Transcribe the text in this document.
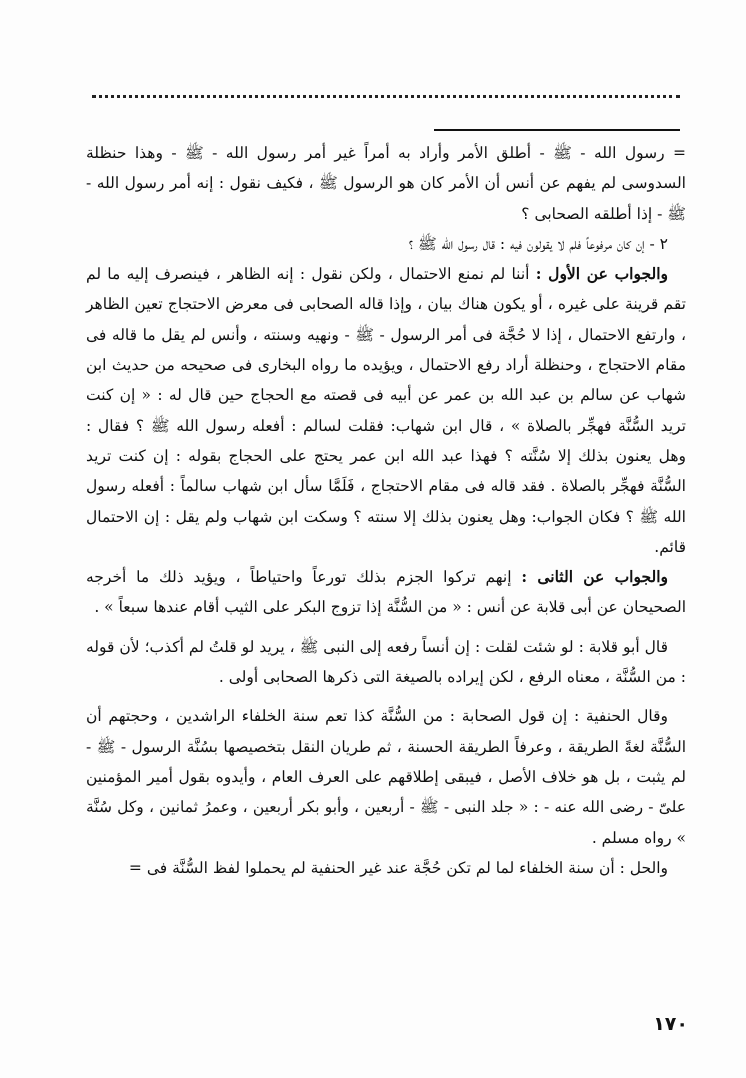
= رسول الله - ﷺ - أطلق الأمر وأراد به أمراً غير أمر رسول الله - ﷺ - وهذا حنظلة السدوسى لم يفهم عن أنس أن الأمر كان هو الرسول ﷺ ، فكيف نقول : إنه أمر رسول الله - ﷺ - إذا أطلقه الصحابى ؟

٢ - إن كان مرفوعاً فلم لا يقولون فيه : قال رسول الله ﷺ ؟

والجواب عن الأول : أننا لم نمنع الاحتمال ، ولكن نقول : إنه الظاهر ، فينصرف إليه ما لم تقم قرينة على غيره ، أو يكون هناك بيان ، وإذا قاله الصحابى فى معرض الاحتجاج تعين الظاهر ، وارتفع الاحتمال ، إذا لا حُجَّة فى أمر الرسول - ﷺ - ونهيه وسنته ، وأنس لم يقل ما قاله فى مقام الاحتجاج ، وحنظلة أراد رفع الاحتمال ، ويؤيده ما رواه البخارى فى صحيحه من حديث ابن شهاب عن سالم بن عبد الله بن عمر عن أبيه فى قصته مع الحجاج حين قال له : « إن كنت تريد السُّنَّة فهجِّر بالصلاة » ، قال ابن شهاب: فقلت لسالم : أفعله رسول الله ﷺ ؟ فقال : وهل يعنون بذلك إلا سُنَّته ؟ فهذا عبد الله ابن عمر يحتج على الحجاج بقوله : إن كنت تريد السُّنَّة فهجِّر بالصلاة . فقد قاله فى مقام الاحتجاج ، فَلَمَّا سأل ابن شهاب سالماً : أفعله رسول الله ﷺ ؟ فكان الجواب: وهل يعنون بذلك إلا سنته ؟ وسكت ابن شهاب ولم يقل : إن الاحتمال قائم.

والجواب عن الثانى : إنهم تركوا الجزم بذلك تورعاً واحتياطاً ، ويؤيد ذلك ما أخرجه الصحيحان عن أبى قلابة عن أنس : « من السُّنَّة إذا تزوج البكر على الثيب أقام عندها سبعاً » .

قال أبو قلابة : لو شئت لقلت : إن أنساً رفعه إلى النبى ﷺ ، يريد لو قلتُ لم أكذب؛ لأن قوله : من السُّنَّة ، معناه الرفع ، لكن إيراده بالصيغة التى ذكرها الصحابى أولى .

وقال الحنفية : إن قول الصحابة : من السُّنَّة كذا تعم سنة الخلفاء الراشدين ، وحجتهم أن السُّنَّة لغةً الطريقة ، وعرفاً الطريقة الحسنة ، ثم طريان النقل بتخصيصها بسُنَّة الرسول - ﷺ - لم يثبت ، بل هو خلاف الأصل ، فيبقى إطلاقهم على العرف العام ، وأيدوه بقول أمير المؤمنين علىّ - رضى الله عنه - : « جلد النبى - ﷺ - أربعين ، وأبو بكر أربعين ، وعمرُ ثمانين ، وكل سُنَّة » رواه مسلم .

والحل : أن سنة الخلفاء لما لم تكن حُجَّة عند غير الحنفية لم يحملوا لفظ السُّنَّة فى =

١٧٠
